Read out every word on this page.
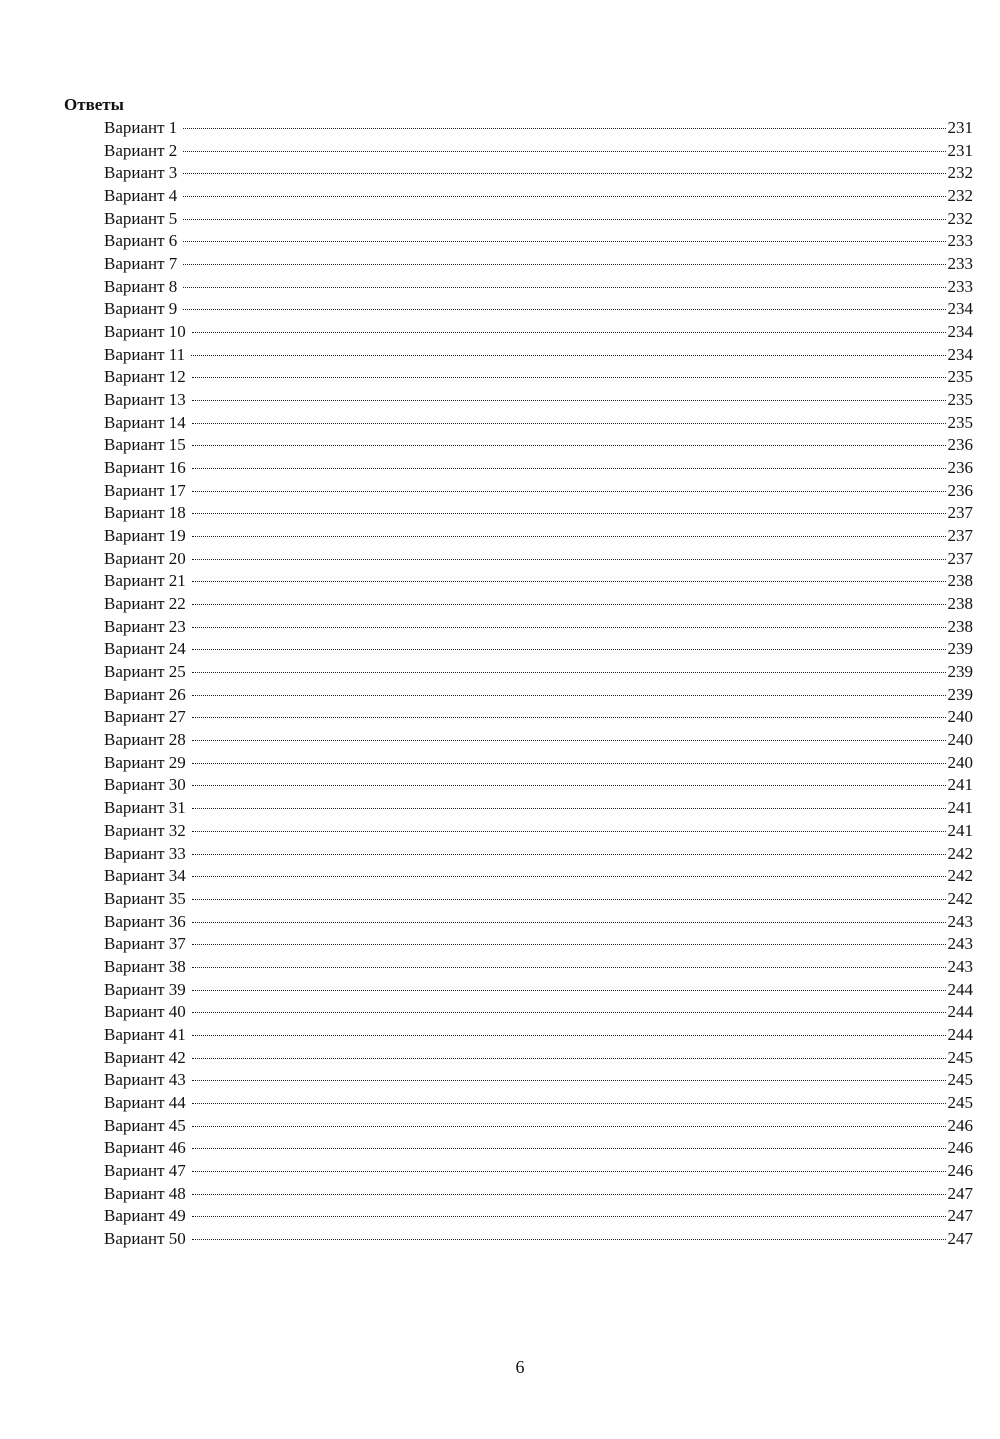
Ответы
Вариант 1	231
Вариант 2	231
Вариант 3	232
Вариант 4	232
Вариант 5	232
Вариант 6	233
Вариант 7	233
Вариант 8	233
Вариант 9	234
Вариант 10	234
Вариант 11	234
Вариант 12	235
Вариант 13	235
Вариант 14	235
Вариант 15	236
Вариант 16	236
Вариант 17	236
Вариант 18	237
Вариант 19	237
Вариант 20	237
Вариант 21	238
Вариант 22	238
Вариант 23	238
Вариант 24	239
Вариант 25	239
Вариант 26	239
Вариант 27	240
Вариант 28	240
Вариант 29	240
Вариант 30	241
Вариант 31	241
Вариант 32	241
Вариант 33	242
Вариант 34	242
Вариант 35	242
Вариант 36	243
Вариант 37	243
Вариант 38	243
Вариант 39	244
Вариант 40	244
Вариант 41	244
Вариант 42	245
Вариант 43	245
Вариант 44	245
Вариант 45	246
Вариант 46	246
Вариант 47	246
Вариант 48	247
Вариант 49	247
Вариант 50	247
6
